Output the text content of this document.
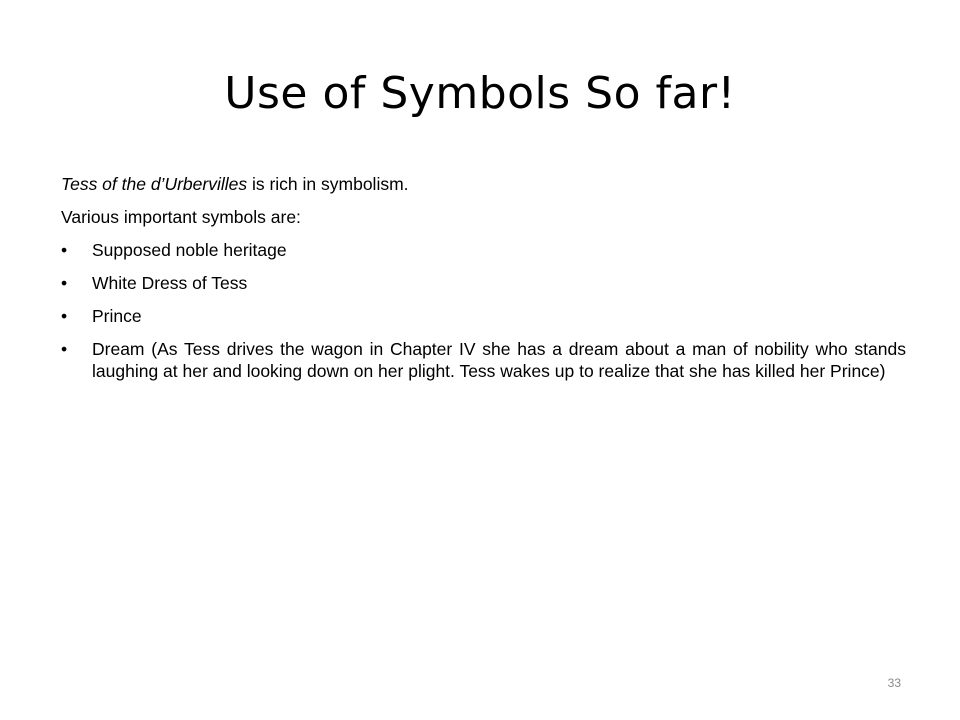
Use of Symbols So far!

Tess of the d’Urbervilles is rich in symbolism.

Various important symbols are:

• Supposed noble heritage
• White Dress of Tess
• Prince
• Dream (As Tess drives the wagon in Chapter IV she has a dream about a man of nobility who stands laughing at her and looking down on her plight. Tess wakes up to realize that she has killed her Prince)
33
